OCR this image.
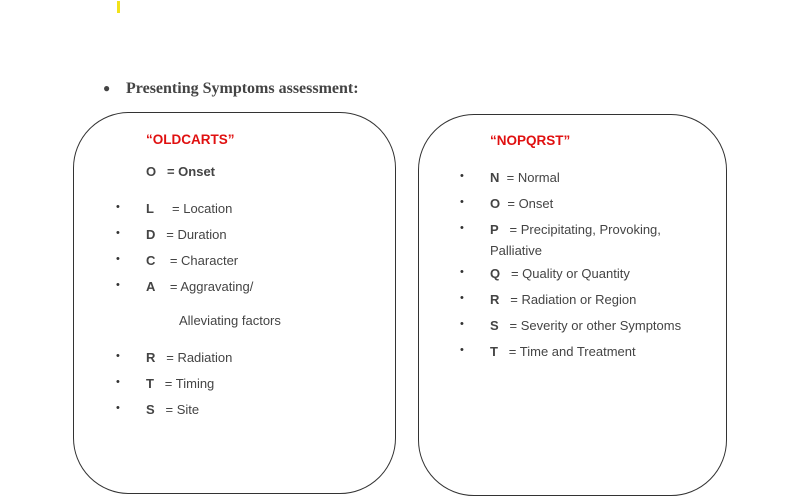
● Presenting Symptoms assessment:
“OLDCARTS”
O = Onset
• L = Location
• D = Duration
• C = Character
• A = Aggravating/
Alleviating factors
• R = Radiation
• T = Timing
• S = Site
“NOPQRST”
• N = Normal
• O = Onset
• P = Precipitating, Provoking,
Palliative
• Q = Quality or Quantity
• R = Radiation or Region
• S = Severity or other Symptoms
• T = Time and Treatment
